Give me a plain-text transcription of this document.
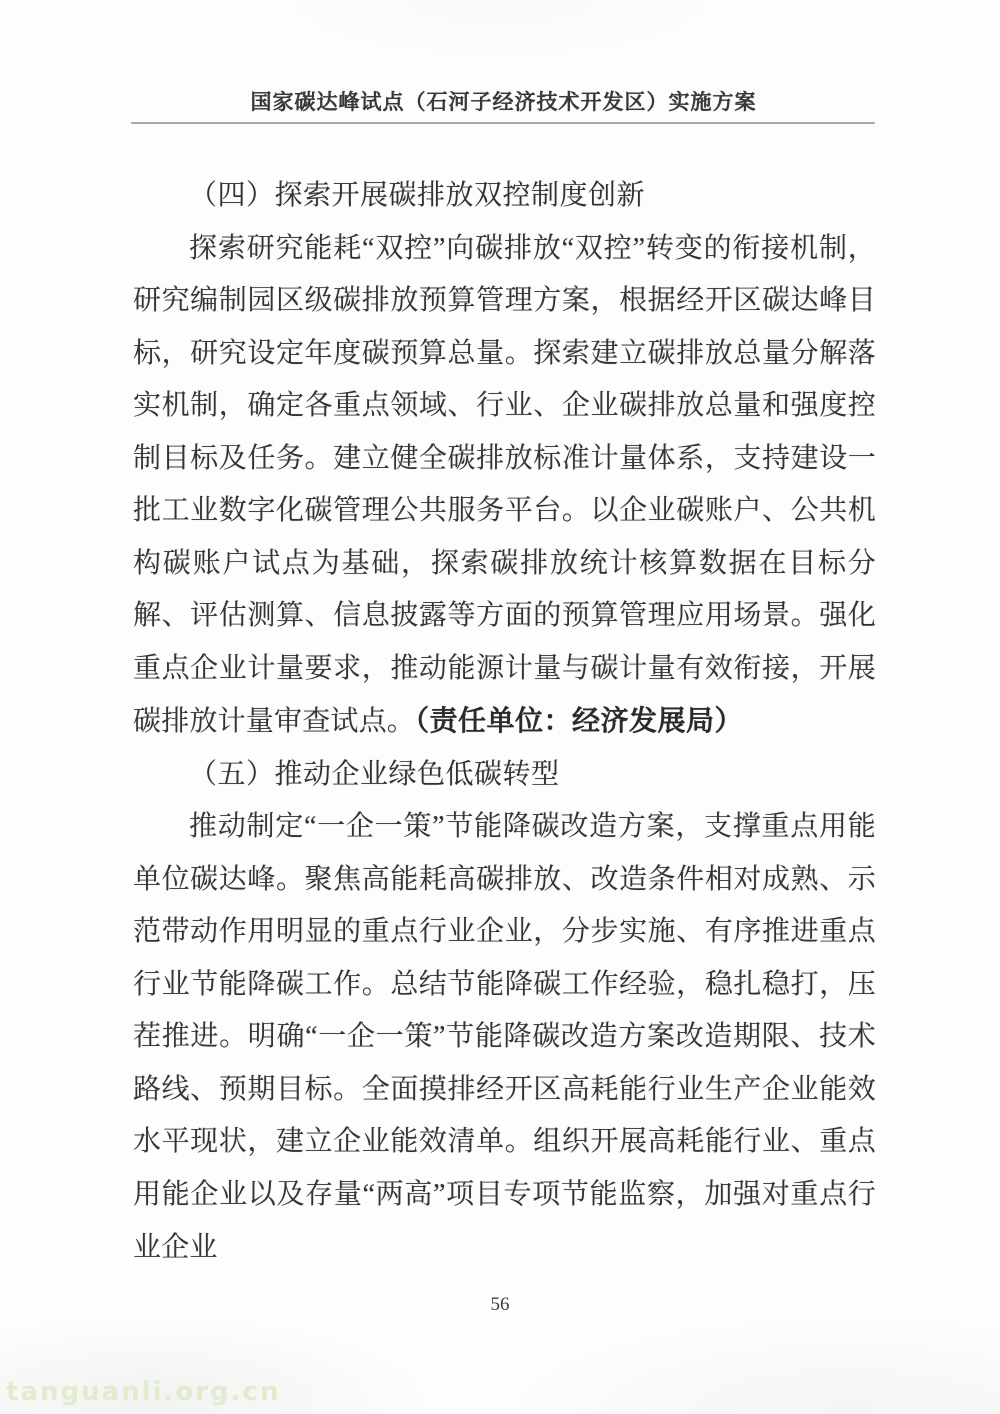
国家碳达峰试点（石河子经济技术开发区）实施方案
（四）探索开展碳排放双控制度创新

探索研究能耗“双控”向碳排放“双控”转变的衔接机制，研究编制园区级碳排放预算管理方案，根据经开区碳达峰目标，研究设定年度碳预算总量。探索建立碳排放总量分解落实机制，确定各重点领域、行业、企业碳排放总量和强度控制目标及任务。建立健全碳排放标准计量体系，支持建设一批工业数字化碳管理公共服务平台。以企业碳账户、公共机构碳账户试点为基础，探索碳排放统计核算数据在目标分解、评估测算、信息披露等方面的预算管理应用场景。强化重点企业计量要求，推动能源计量与碳计量有效衔接，开展碳排放计量审查试点。（责任单位：经济发展局）

（五）推动企业绿色低碳转型

推动制定“一企一策”节能降碳改造方案，支撑重点用能单位碳达峰。聚焦高能耗高碳排放、改造条件相对成熟、示范带动作用明显的重点行业企业，分步实施、有序推进重点行业节能降碳工作。总结节能降碳工作经验，稳扎稳打，压茬推进。明确“一企一策”节能降碳改造方案改造期限、技术路线、预期目标。全面摸排经开区高耗能行业生产企业能效水平现状，建立企业能效清单。组织开展高耗能行业、重点用能企业以及存量“两高”项目专项节能监察，加强对重点行业企业

56
tanguanli.org.cn
